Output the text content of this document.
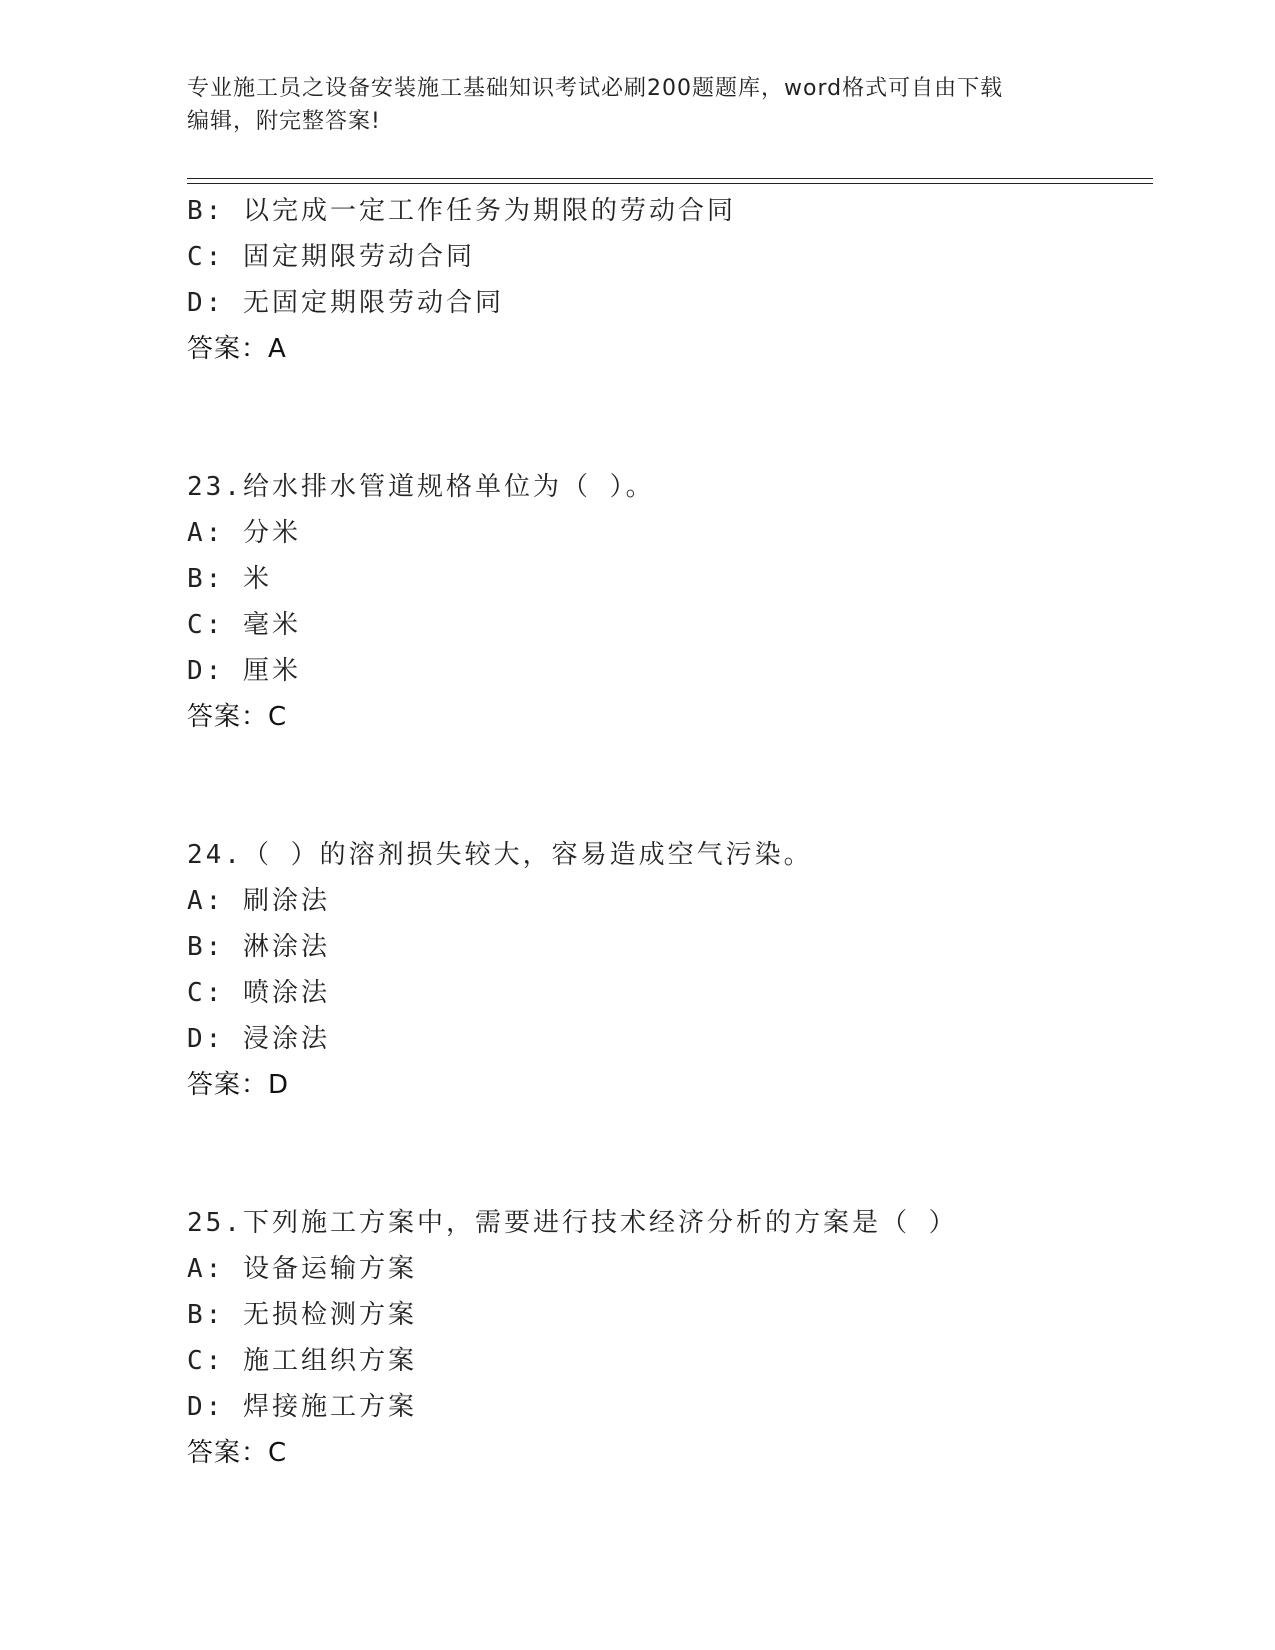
专业施工员之设备安装施工基础知识考试必刷200题题库，word格式可自由下载
编辑，附完整答案!
B: 以完成一定工作任务为期限的劳动合同
C: 固定期限劳动合同
D: 无固定期限劳动合同
答案：A
23.给水排水管道规格单位为（ ）。
A: 分米
B: 米
C: 毫米
D: 厘米
答案：C
24.（ ）的溶剂损失较大，容易造成空气污染。
A: 刷涂法
B: 淋涂法
C: 喷涂法
D: 浸涂法
答案：D
25.下列施工方案中，需要进行技术经济分析的方案是（ ）
A: 设备运输方案
B: 无损检测方案
C: 施工组织方案
D: 焊接施工方案
答案：C
